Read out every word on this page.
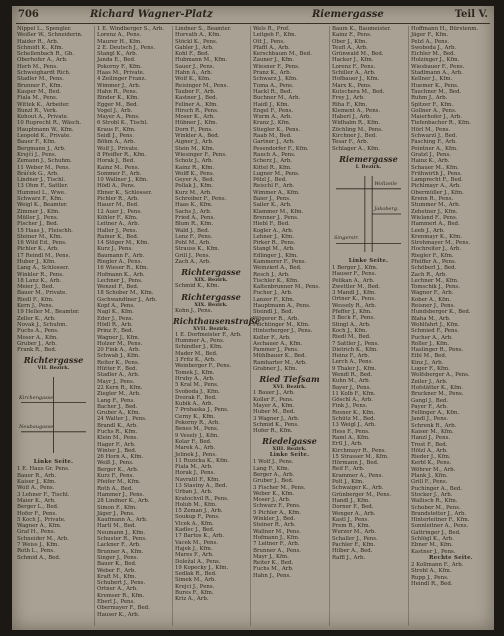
706	Richard Wagner-Platz	Riemergasse	Teil V.
Nippel L., Spengler.
Weißer W., Schneiderin.
Haider R., Arb.
Schmidt K., Kfm.
Schellenbach R., Gb.
Oberhofer A., Arb.
Herb M., Pens.
Schweighardt Rich.
Stadler M., Pens.
Brunner F., Kfm.
Kasper M., Bed.
Fiala M., Pens.
Wittek K., Arbeiter.
Bunzl R., Verk.
Kohout A., Private.
10 Ruprecht R., Wäsch.
Hauptmann W., Kfm.
Leopold K., Private.
Bauer F., Kfm.
Bergmann J., Arb.
Krejčí J., Pens.
Zemann J., Schuhm.
11 Weber M., Pens.
Bráček G., Arb.
Lindner J., Tischl.
13 Ohm F., Sattler.
Hummel L., Wwe.
Schwarz F., Kfm.
Weigl K., Beamter.
Zimmer J., Kfm.
Müller J., Pens.
Fischer J., Bed.
15 Haas J., Fleischh.
Steiner M., Kfm.
16 Wild Ed., Pens.
Pichler K., Arb.
17 Reindl M., Pens.
Huber J., Kfm.
Lang A., Schlosser.
Winkler R., Pens.
18 Lanz K., Arb.
Meier J., Bed.
Bauer M., Private.
Riedl F., Kfm.
Kern J., Pens.
19 Heller M., Beamter.
Zeller K., Arb.
Novak J., Schuhm.
Fuchs A., Pens.
Moser A., Kfm.
Gruber J., Arb.
Frank R., Bed.
Richtergasse
VII. Bezirk.
Kirchengasse
Neubaugasse
Linke Seite.
1 E. Haus Gr. Pens.
Bauer R., Arb.
Kaiser J., Kfm.
Wolf A., Pens.
3 Lehner F., Tischl.
Maier K., Arb.
Berger L., Bed.
Hofer F., Pens.
5 Koch J., Private.
Wagner A., Kfm.
Graf H., Pens.
Schneider M., Arb.
7 Weiss J., Kfm.
Roth L., Pens.
Schmid A., Bed.
1 E. Windberger S., Arb.
Lorenz A., Pens.
Maurer H., Kfm.
2 E. Deutsch J., Pens.
Stangl K., Arb.
Janda E., Bed.
Pokorny F., Kfm.
Haas M., Private.
4 Zeilinger Franz.
Wimmer J., Arb.
Hahn R., Pens.
Binder K., Kfm.
Egger M., Bed.
Vogel J., Arb.
Mayer A., Pens.
6 Strobl K., Tischl.
Kraus F., Kfm.
Seidl J., Pens.
Böhm A., Arb.
Wolf J., Private.
8 Pfeiffer R., Kfm.
Horak J., Bed.
Kainz M., Pens.
Sommer F., Arb.
10 Wallner J., Kfm.
Hödl A., Pens.
Ebner K., Schlosser.
Pichler R., Arb.
Hauer M., Bed.
12 Auer J., Pens.
Köhler F., Kfm.
Leitner A., Arb.
Haller J., Pens.
Rainer K., Bed.
14 Stöger M., Kfm.
Kurz J., Pens.
Baumann F., Arb.
Riegler A., Pens.
16 Wieser R., Kfm.
Hofmann K., Arb.
Lechner J., Pens.
Wenzel F., Bed.
18 Schober M., Kfm.
Gschwandtner J., Arb.
Kopf A., Pens.
Nagl K., Kfm.
Eder J., Pens.
Hödl R., Arb.
Prinz F., Bed.
Wagner J., Kfm.
Holzer M., Pens.
20 Fink A., Arb.
Schwab J., Kfm.
Reiter K., Pens.
Hütter F., Bed.
Stadler A., Arb.
Mayr J., Pens.
22 Kern R., Kfm.
Ziegler M., Arb.
Lang F., Pens.
Bacher J., Bed.
Gruber A., Kfm.
24 Walter J., Pens.
Brandl K., Arb.
Fuchs R., Kfm.
Klein M., Pens.
Hager F., Arb.
Winter J., Bed.
26 Horn A., Kfm.
Weiß J., Pens.
Berger K., Arb.
Kurz F., Pens.
Pfeifer M., Kfm.
Roth A., Bed.
Hammer J., Pens.
28 Lindner K., Arb.
Simon F., Kfm.
Jäger J., Pens.
Kaufmann A., Arb.
Hartl M., Bed.
Neumann J., Kfm.
Schuster R., Pens.
Lackner F., Arb.
Brunner A., Kfm.
Singer J., Pens.
Bauer K., Bed.
Weber F., Arb.
Kraft M., Kfm.
Schubert J., Pens.
Ortner A., Arb.
Kremser R., Kfm.
Eberl J., Pens.
Obermayer F., Bed.
Hauser K., Arb.
Lindner S., Beamter.
Horvath A., Kfm.
Stöckl K., Pens.
Gabler J., Arb.
Kohl F., Bed.
Hubmann M., Kfm.
Sauer J., Pens.
Hahn A., Arb.
Wolf K., Kfm.
Reisinger M., Pens.
Tauber F., Arb.
Kastner J., Bed.
Fellner A., Kfm.
Hirsch R., Pens.
Moser K., Arb.
Hübner J., Kfm.
Dorn F., Pens.
Winkler A., Bed.
Aigner J., Arb.
Stein M., Kfm.
Wiesinger F., Pens.
Scholz J., Arb.
Kainz R., Kfm.
Wolff K., Pens.
Geyer A., Bed.
Pollak J., Kfm.
Kurz M., Arb.
Schreiber F., Pens.
Haas K., Kfm.
Sachs J., Arb.
Fried A., Pens.
Blum R., Kfm.
Wald J., Bed.
Lenz F., Pens.
Pohl M., Arb.
Strauss K., Kfm.
Grill J., Pens.
Zach A., Arb.
Richtergasse
XIX. Bezirk.
Schmid K., Kfm.
Richtergasse
XIX. Bezirk.
Kohn J., Pens.
Richthausenstraße
XVII. Bezirk.
1 E. Dorfmeister F., Arb.
Hummer A., Pens.
Schindler J., Kfm.
Mader M., Bed.
3 Fritz K., Arb.
Weinberger F., Pens.
Tomek J., Kfm.
Hruby A., Arb.
5 Kral M., Pens.
Svoboda J., Kfm.
Dvorak F., Bed.
Kubik A., Arb.
7 Prohaska J., Pens.
Cerny K., Kfm.
Pokorny R., Arb.
Benes M., Pens.
9 Vesely J., Kfm.
Kolar F., Bed.
Marek A., Arb.
Jelinek J., Pens.
11 Ruzicka K., Kfm.
Fiala M., Arb.
Horak J., Pens.
Navratil F., Kfm.
13 Stastny A., Bed.
Urban J., Arb.
Kratochvil R., Pens.
Holub M., Kfm.
15 Zeman J., Arb.
Soukup F., Pens.
Vlcek A., Kfm.
Kadlec J., Bed.
17 Bartos K., Arb.
Vacek M., Pens.
Hajek J., Kfm.
Mares F., Arb.
Doležal A., Pens.
19 Kopecky J., Kfm.
Sedlak R., Bed.
Simek M., Arb.
Krejci J., Pens.
Bures F., Kfm.
Kriz A., Arb.
Wels R., Prof.
Leitgeb F., Kfm.
Ott J., Pens.
Pfaffl A., Arb.
Kerschbaum M., Bed.
Zauner J., Kfm.
Wiesner F., Pens.
Pranz K., Arb.
Schwarz J., Kfm.
Tuma A., Pens.
Hackl R., Bed.
Buchner M., Arb.
Haidl J., Kfm.
Engel F., Pens.
Wurm A., Arb.
Kranz J., Kfm.
Stiegler K., Pens.
Raab M., Bed.
Gartner J., Arb.
Pesendorfer F., Kfm.
Rauch A., Pens.
Scherz J., Arb.
Kittel R., Kfm.
Lugner M., Pens.
Pölzl J., Bed.
Reischl F., Arb.
Wimmer A., Kfm.
Baier J., Pens.
Sailer K., Arb.
Klammer M., Kfm.
Brenner J., Pens.
Hiebl F., Bed.
Kogler A., Arb.
Lehner J., Kfm.
Pirker R., Pens.
Stangl M., Arb.
Edlinger J., Kfm.
Kammerer F., Pens.
Weinzierl A., Bed.
Resch J., Arb.
Tischler K., Kfm.
Kaltenbrunner M., Pens.
Pucher J., Arb.
Lanzer F., Kfm.
Hauptmann A., Pens.
Steindl J., Bed.
Wögerer R., Arb.
Feichtinger M., Kfm.
Hinterberger J., Pens.
Koller F., Arb.
Aschauer A., Kfm.
Pammer J., Pens.
Mühlbauer K., Bed.
Ramharter M., Arb.
Grabner J., Kfm.
Ried Tiefsam
XVI. Bezirk.
1 Bauer J., Arb.
Koller F., Pens.
Mayer A., Kfm.
Huber M., Bed.
3 Wagner J., Arb.
Schmid K., Pens.
Hofer R., Kfm.
Riedelgasse
XIII. Bezirk.
Linke Seite.
1 Wolf J., Pens.
Lang F., Kfm.
Berger A., Arb.
Gruber J., Bed.
3 Fischer M., Pens.
Weber K., Kfm.
Moser J., Arb.
Schwarz F., Pens.
5 Pichler A., Kfm.
Winkler J., Bed.
Steiner R., Arb.
Wallner M., Pens.
Hofmann J., Kfm.
7 Leitner F., Arb.
Brunner A., Pens.
Mayr J., Kfm.
Reiter K., Bed.
Fuchs M., Arb.
Hahn J., Pens.
Baum K., Baumeister.
Kainz F., Pens.
Ober J., Kfm.
Teufl A., Arb.
Grünwald M., Bed.
Hacker J., Kfm.
Lorenz F., Pens.
Schiller A., Arb.
Hofbauer J., Kfm.
Marx K., Pens.
Kutschera M., Bed.
Frey J., Arb.
Riha F., Kfm.
Klement A., Pens.
Haberl J., Arb.
Widhalm R., Kfm.
Zöchling M., Pens.
Kirchner J., Bed.
Tesar F., Arb.
Schlager A., Kfm.
Riemergasse
I. Bezirk.
Wollzeile
Singerstr.
Jakoberg.
Linke Seite.
1 Berger J., Kfm.
Hauser F., Pens.
Pelikan A., Arb.
Zwettler M., Bed.
3 Mandl J., Kfm.
Ortner K., Pens.
Wessely R., Arb.
Pfeffer J., Kfm.
5 Beck F., Pens.
Stingl A., Arb.
Koch J., Kfm.
Riedl M., Bed.
7 Sattler J., Pens.
Dietrich K., Kfm.
Heinz F., Arb.
Lerch A., Pens.
9 Thaler J., Kfm.
Wendl R., Bed.
Kuhn M., Arb.
Bayer J., Pens.
11 Kolb F., Kfm.
Göschl A., Arb.
Fink J., Pens.
Rosner K., Kfm.
Schütz M., Bed.
13 Weigl J., Arb.
Hess F., Pens.
Raml A., Kfm.
Ertl J., Arb.
Kirchmayr R., Pens.
15 Strasser M., Kfm.
Hörmann J., Bed.
Reif F., Arb.
Krammer A., Pens.
Polt J., Kfm.
Schwaiger K., Arb.
Grünberger M., Pens.
Handl J., Kfm.
Dorner F., Bed.
Wenger A., Arb.
Kastl J., Pens.
Prem R., Kfm.
Wurzer M., Arb.
Schaller J., Pens.
Pachler F., Kfm.
Hilber A., Bed.
Raffl J., Arb.
Hoffmann H., Bürstenm.
Jäger F., Kfm.
Pelzl A., Pens.
Swoboda J., Arb.
Eichler M., Bed.
Holzinger J., Kfm.
Wiesbauer F., Pens.
Stadlmann A., Arb.
Kellner J., Kfm.
Huemer K., Pens.
Tauchner M., Bed.
Ruhm J., Arb.
Spitzer F., Kfm.
Gollner A., Pens.
Maierhofer J., Arb.
Tiefenbacher R., Kfm.
Hörl M., Pens.
Schwarzl J., Bed.
Fasching F., Arb.
Pointner A., Kfm.
Gratzl J., Pens.
Hainz K., Arb.
Schauer M., Kfm.
Frühwirth J., Pens.
Lamprecht F., Bed.
Pichlmayr A., Arb.
Obermüller J., Kfm.
Krenn R., Pens.
Stummer M., Arb.
Zehetner J., Kfm.
Wieland F., Pens.
Hammerl A., Bed.
Leeb J., Arb.
Krenmayr K., Kfm.
Strohmayer M., Pens.
Hochreiter J., Arb.
Riegler F., Kfm.
Pfeiffer A., Pens.
Schöberl J., Bed.
Zach R., Arb.
Lechner M., Kfm.
Tomschik J., Pens.
Wagner F., Arb.
Kober A., Kfm.
Reisner J., Pens.
Hundsberger K., Bed.
Blaha M., Arb.
Wohlfahrt J., Kfm.
Schmied F., Pens.
Pucher A., Arb.
Roller J., Kfm.
Haslinger R., Pens.
Eibl M., Bed.
Kinz J., Arb.
Luger F., Kfm.
Wolfsberger A., Pens.
Zeiler J., Arb.
Hofstätter K., Kfm.
Bruckner M., Pens.
Gangl J., Bed.
Payer F., Arb.
Fellinger A., Kfm.
Jandl J., Pens.
Schrenk R., Arb.
Kaiser M., Kfm.
Hanzl J., Pens.
Trost F., Bed.
Hölzl A., Arb.
Rieder J., Kfm.
Kerbl K., Pens.
Wöhrer M., Arb.
Plank J., Kfm.
Grill F., Pens.
Puchinger A., Bed.
Stocker J., Arb.
Wallisch R., Kfm.
Schober M., Pens.
Brandstetter J., Arb.
Hinterleitner F., Kfm.
Sonnleitner A., Pens.
Gattringer J., Bed.
Schlögl K., Arb.
Ebner M., Kfm.
Kastner J., Pens.
Rechte Seite.
2 Kollmann F., Arb.
Strobl A., Kfm.
Rupp J., Pens.
Heindl R., Bed.
